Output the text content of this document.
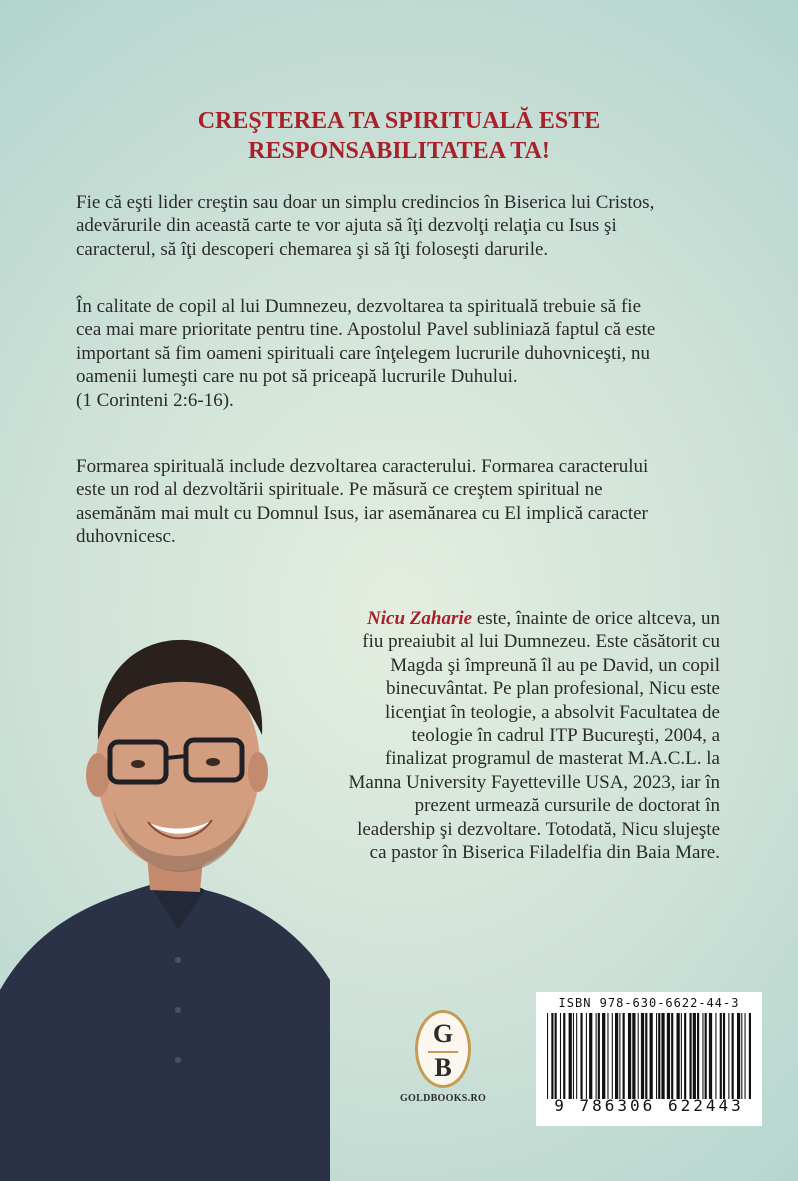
CREŞTEREA TA SPIRITUALĂ ESTE
RESPONSABILITATEA TA!
Fie că eşti lider creştin sau doar un simplu credincios în Biserica lui Cristos,
adevărurile din această carte te vor ajuta să îţi dezvolţi relaţia cu Isus şi
caracterul, să îţi descoperi chemarea şi să îţi foloseşti darurile.
În calitate de copil al lui Dumnezeu, dezvoltarea ta spirituală trebuie să fie
cea mai mare prioritate pentru tine. Apostolul Pavel subliniază faptul că este
important să fim oameni spirituali care înţelegem lucrurile duhovniceşti, nu
oamenii lumeşti care nu pot să priceapă lucrurile Duhului.
(1 Corinteni 2:6-16).
Formarea spirituală include dezvoltarea caracterului. Formarea caracterului
este un rod al dezvoltării spirituale. Pe măsură ce creştem spiritual ne
asemănăm mai mult cu Domnul Isus, iar asemănarea cu El implică caracter
duhovnicesc.
Nicu Zaharie este, înainte de orice altceva, un
fiu preaiubit al lui Dumnezeu. Este căsătorit cu
Magda şi împreună îl au pe David, un copil
binecuvântat. Pe plan profesional, Nicu este
licenţiat în teologie, a absolvit Facultatea de
teologie în cadrul ITP Bucureşti, 2004, a
finalizat programul de masterat M.A.C.L. la
Manna University Fayetteville USA, 2023, iar în
prezent urmează cursurile de doctorat în
leadership şi dezvoltare. Totodată, Nicu slujeşte
ca pastor în Biserica Filadelfia din Baia Mare.
G
B
GOLDBOOKS.RO
ISBN 978-630-6622-44-3
9 786306 622443
